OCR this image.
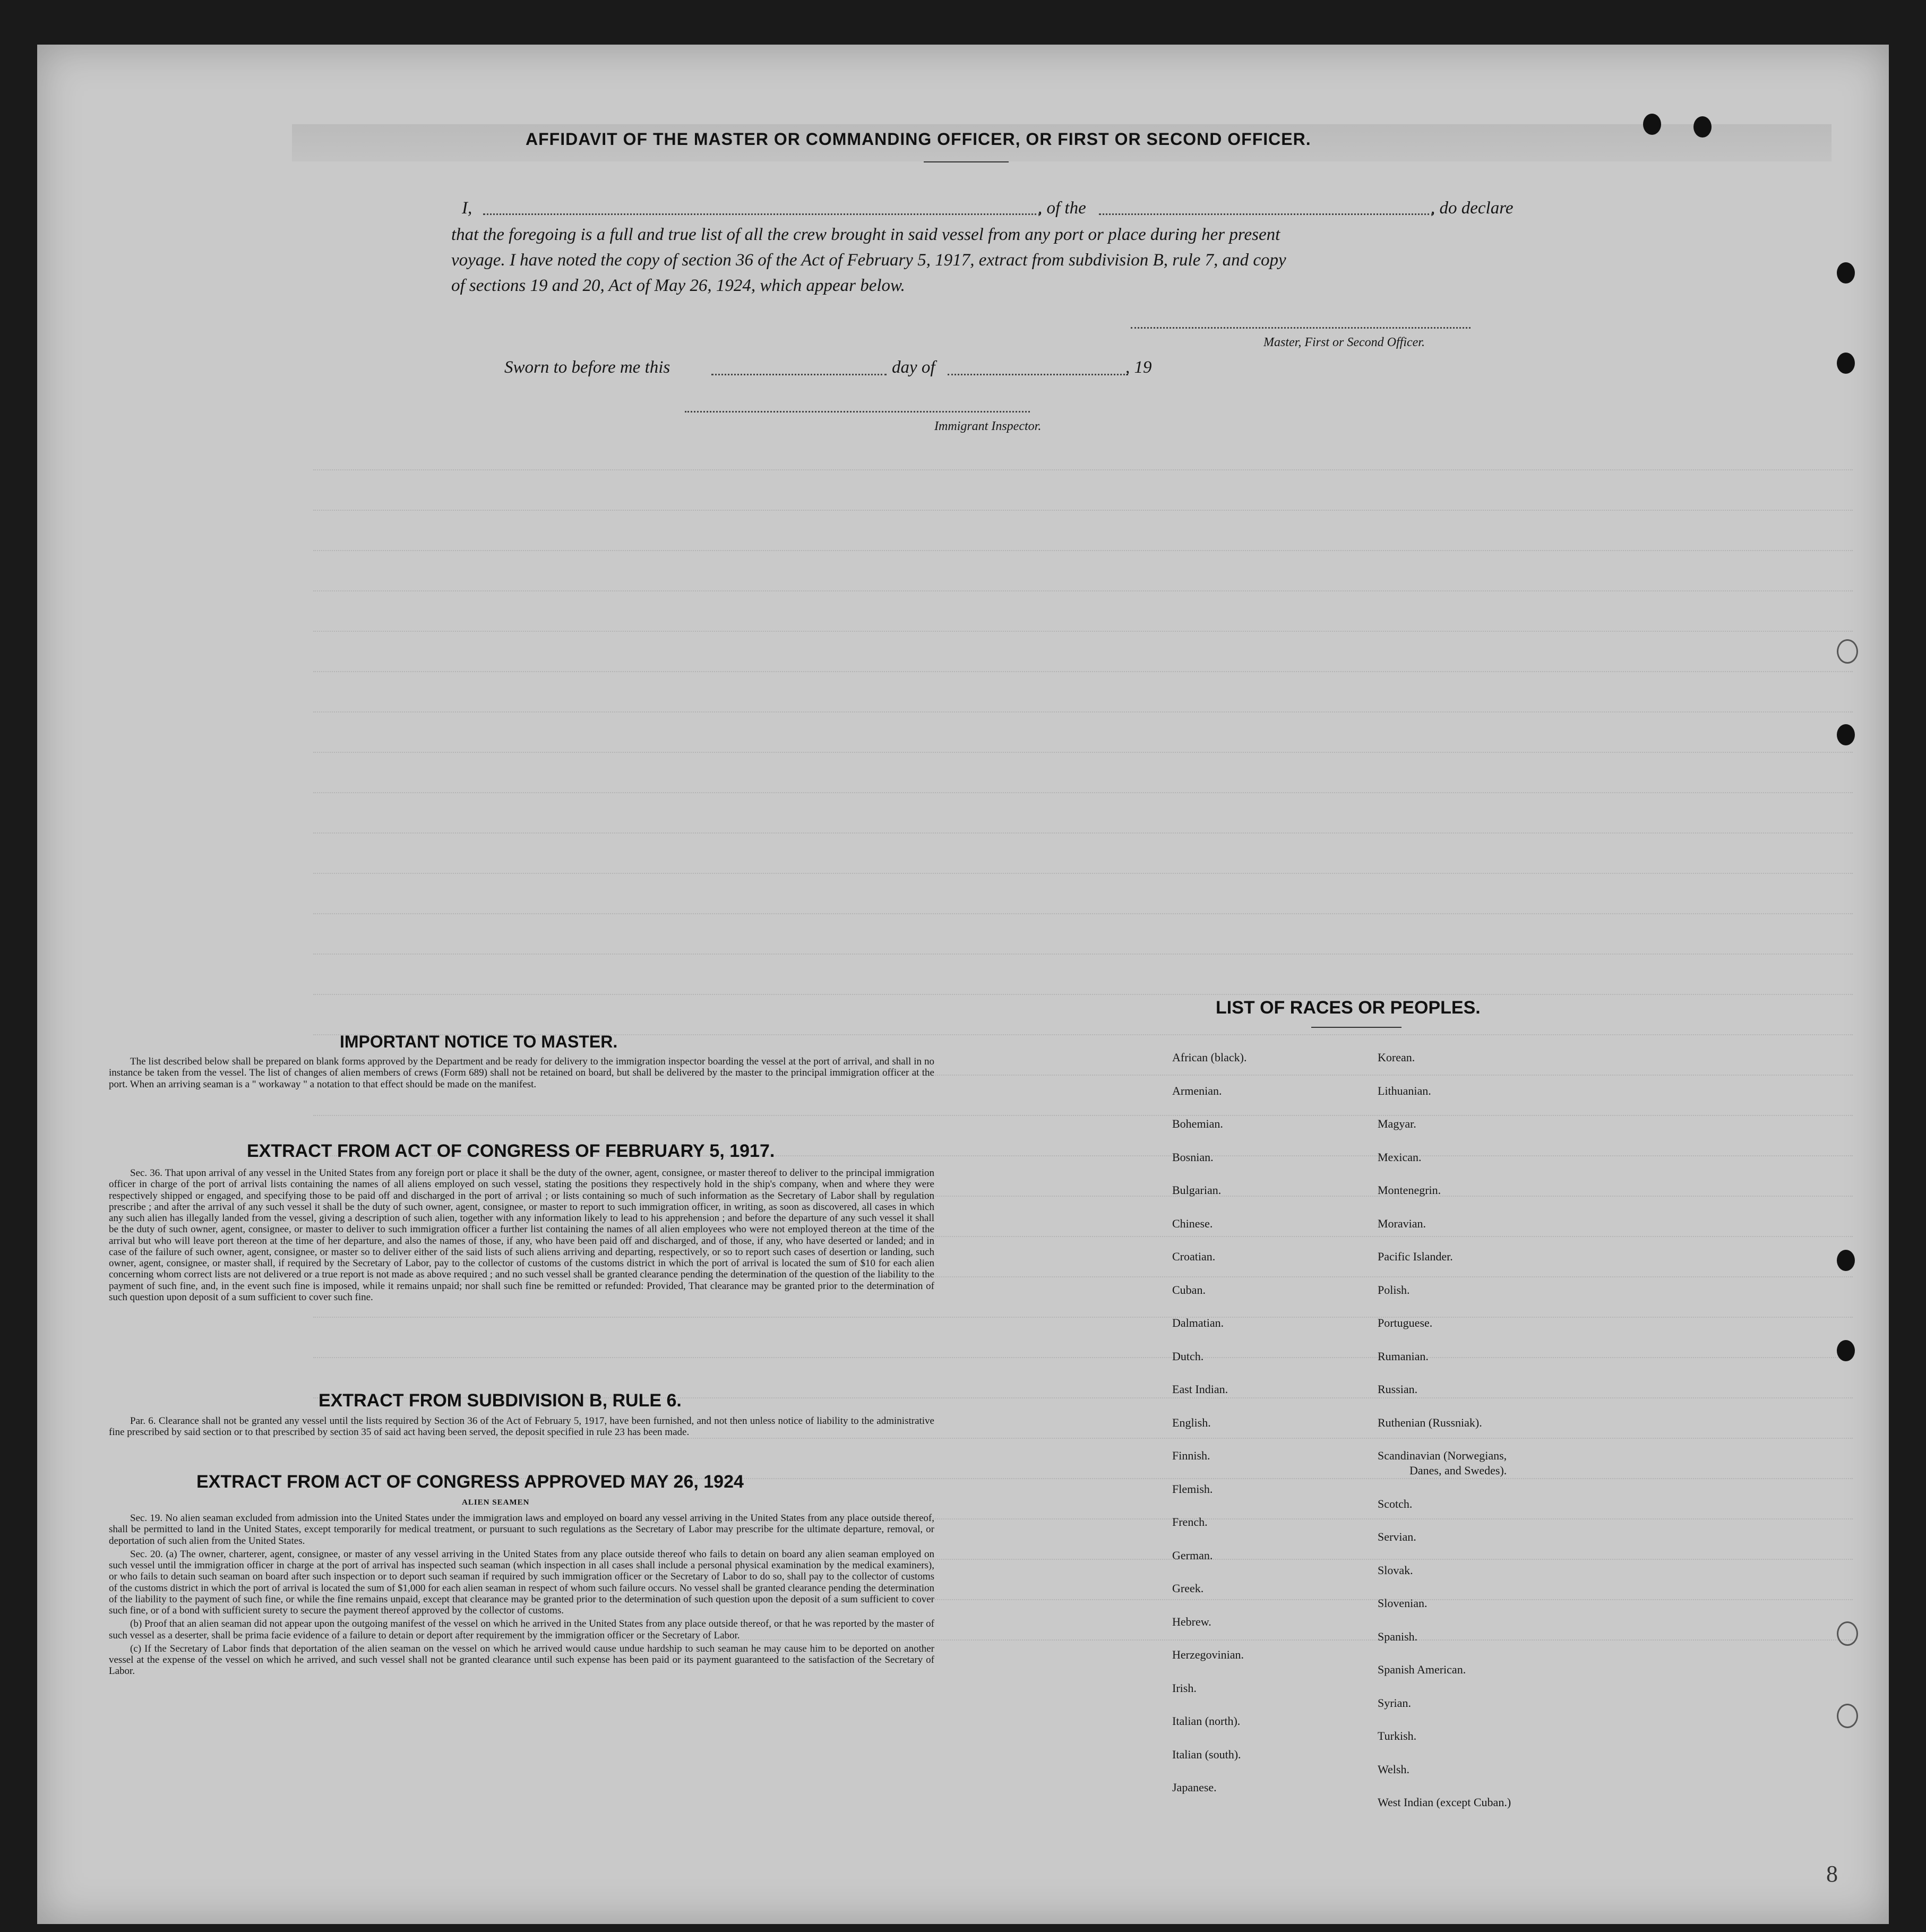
AFFIDAVIT OF THE MASTER OR COMMANDING OFFICER, OR FIRST OR SECOND OFFICER.
I,	, of the	, do declare
that the foregoing is a full and true list of all the crew brought in said vessel from any port or place during her present
voyage. I have noted the copy of section 36 of the Act of February 5, 1917, extract from subdivision B, rule 7, and copy
of sections 19 and 20, Act of May 26, 1924, which appear below.
Master, First or Second Officer.
Sworn to before me this	day of	, 19
Immigrant Inspector.
IMPORTANT NOTICE TO MASTER.

The list described below shall be prepared on blank forms approved by the Department and be ready for delivery to the immigration inspector boarding the vessel at the port of arrival, and shall in no instance be taken from the vessel. The list of changes of alien members of crews (Form 689) shall not be retained on board, but shall be delivered by the master to the principal immigration officer at the port. When an arriving seaman is a " workaway " a notation to that effect should be made on the manifest.

EXTRACT FROM ACT OF CONGRESS OF FEBRUARY 5, 1917.

Sec. 36. That upon arrival of any vessel in the United States from any foreign port or place it shall be the duty of the owner, agent, consignee, or master thereof to deliver to the principal immigration officer in charge of the port of arrival lists containing the names of all aliens employed on such vessel, stating the positions they respectively hold in the ship's company, when and where they were respectively shipped or engaged, and specifying those to be paid off and discharged in the port of arrival ; or lists containing so much of such information as the Secretary of Labor shall by regulation prescribe ; and after the arrival of any such vessel it shall be the duty of such owner, agent, consignee, or master to report to such immigration officer, in writing, as soon as discovered, all cases in which any such alien has illegally landed from the vessel, giving a description of such alien, together with any information likely to lead to his apprehension ; and before the departure of any such vessel it shall be the duty of such owner, agent, consignee, or master to deliver to such immigration officer a further list containing the names of all alien employees who were not employed thereon at the time of the arrival but who will leave port thereon at the time of her departure, and also the names of those, if any, who have been paid off and discharged, and of those, if any, who have deserted or landed; and in case of the failure of such owner, agent, consignee, or master so to deliver either of the said lists of such aliens arriving and departing, respectively, or so to report such cases of desertion or landing, such owner, agent, consignee, or master shall, if required by the Secretary of Labor, pay to the collector of customs of the customs district in which the port of arrival is located the sum of $10 for each alien concerning whom correct lists are not delivered or a true report is not made as above required ; and no such vessel shall be granted clearance pending the determination of the question of the liability to the payment of such fine, and, in the event such fine is imposed, while it remains unpaid; nor shall such fine be remitted or refunded: Provided, That clearance may be granted prior to the determination of such question upon deposit of a sum sufficient to cover such fine.

EXTRACT FROM SUBDIVISION B, RULE 6.

Par. 6. Clearance shall not be granted any vessel until the lists required by Section 36 of the Act of February 5, 1917, have been furnished, and not then unless notice of liability to the administrative fine prescribed by said section or to that prescribed by section 35 of said act having been served, the deposit specified in rule 23 has been made.

EXTRACT FROM ACT OF CONGRESS APPROVED MAY 26, 1924
ALIEN SEAMEN

Sec. 19. No alien seaman excluded from admission into the United States under the immigration laws and employed on board any vessel arriving in the United States from any place outside thereof, shall be permitted to land in the United States, except temporarily for medical treatment, or pursuant to such regulations as the Secretary of Labor may prescribe for the ultimate departure, removal, or deportation of such alien from the United States.

Sec. 20. (a) The owner, charterer, agent, consignee, or master of any vessel arriving in the United States from any place outside thereof who fails to detain on board any alien seaman employed on such vessel until the immigration officer in charge at the port of arrival has inspected such seaman (which inspection in all cases shall include a personal physical examination by the medical examiners), or who fails to detain such seaman on board after such inspection or to deport such seaman if required by such immigration officer or the Secretary of Labor to do so, shall pay to the collector of customs of the customs district in which the port of arrival is located the sum of $1,000 for each alien seaman in respect of whom such failure occurs. No vessel shall be granted clearance pending the determination of the liability to the payment of such fine, or while the fine remains unpaid, except that clearance may be granted prior to the determination of such question upon the deposit of a sum sufficient to cover such fine, or of a bond with sufficient surety to secure the payment thereof approved by the collector of customs.

(b) Proof that an alien seaman did not appear upon the outgoing manifest of the vessel on which he arrived in the United States from any place outside thereof, or that he was reported by the master of such vessel as a deserter, shall be prima facie evidence of a failure to detain or deport after requirement by the immigration officer or the Secretary of Labor.

(c) If the Secretary of Labor finds that deportation of the alien seaman on the vessel on which he arrived would cause undue hardship to such seaman he may cause him to be deported on another vessel at the expense of the vessel on which he arrived, and such vessel shall not be granted clearance until such expense has been paid or its payment guaranteed to the satisfaction of the Secretary of Labor.

LIST OF RACES OR PEOPLES.
African (black).
Armenian.
Bohemian.
Bosnian.
Bulgarian.
Chinese.
Croatian.
Cuban.
Dalmatian.
Dutch.
East Indian.
English.
Finnish.
Flemish.
French.
German.
Greek.
Hebrew.
Herzegovinian.
Irish.
Italian (north).
Italian (south).
Japanese.
Korean.
Lithuanian.
Magyar.
Mexican.
Montenegrin.
Moravian.
Pacific Islander.
Polish.
Portuguese.
Rumanian.
Russian.
Ruthenian (Russniak).
Scandinavian (Norwegians,
Danes, and Swedes).
Scotch.
Servian.
Slovak.
Slovenian.
Spanish.
Spanish American.
Syrian.
Turkish.
Welsh.
West Indian (except Cuban.)
8
